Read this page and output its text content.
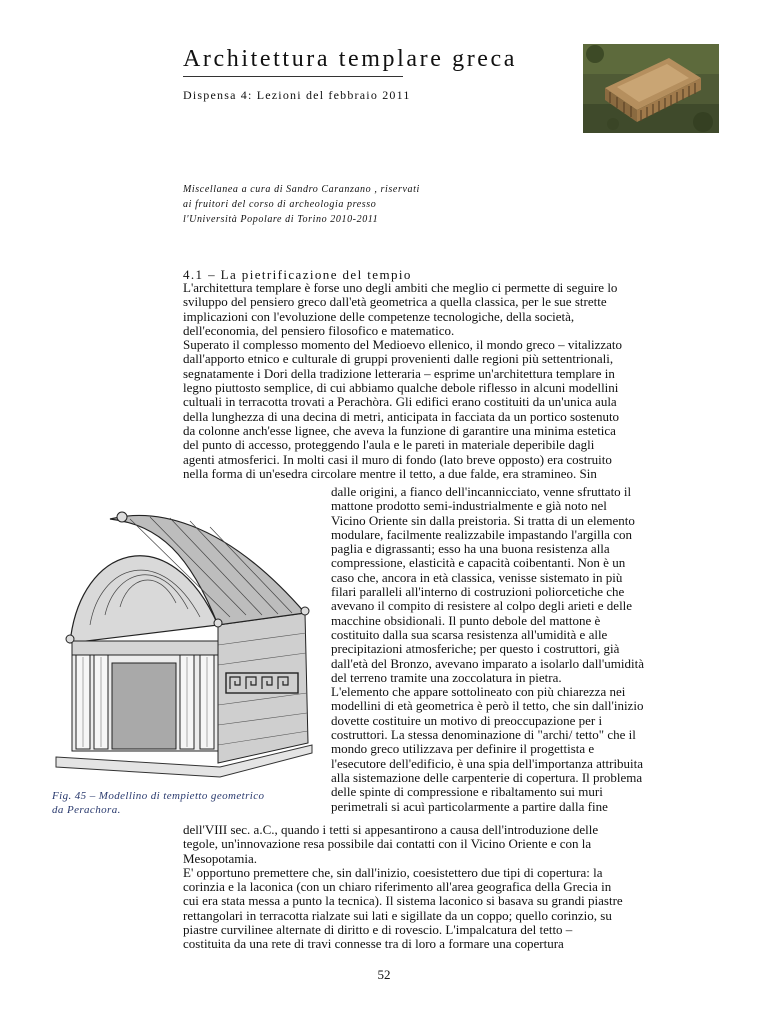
Architettura templare greca
Dispensa 4: Lezioni del febbraio 2011
Miscellanea a cura di Sandro Caranzano , riservati
ai fruitori del corso di archeologia presso
l'Università Popolare di Torino 2010-2011
4.1 – La pietrificazione del tempio
L'architettura templare è forse uno degli ambiti che meglio ci permette di seguire lo
sviluppo del pensiero greco dall'età geometrica a quella classica, per le sue strette
implicazioni con l'evoluzione delle competenze tecnologiche, della società,
dell'economia, del pensiero filosofico e matematico.
Superato il complesso momento del Medioevo ellenico, il mondo greco – vitalizzato
dall'apporto etnico e culturale di gruppi provenienti dalle regioni più settentrionali,
segnatamente i Dori della tradizione letteraria – esprime un'architettura templare in
legno piuttosto semplice, di cui abbiamo qualche debole riflesso in alcuni modellini
cultuali in terracotta trovati a Perachòra. Gli edifici erano costituiti da un'unica aula
della lunghezza di una decina di metri, anticipata in facciata da un portico sostenuto
da colonne anch'esse lignee, che aveva la funzione di garantire una minima estetica
del punto di accesso, proteggendo l'aula e le pareti in materiale deperibile dagli
agenti atmosferici. In molti casi il muro di fondo (lato breve opposto) era costruito
nella forma di un'esedra circolare mentre il tetto, a due falde, era stramineo. Sin
dalle origini, a fianco dell'incannicciato, venne sfruttato il
mattone prodotto semi-industrialmente e già noto nel
Vicino Oriente sin dalla preistoria. Si tratta di un elemento
modulare, facilmente realizzabile impastando l'argilla con
paglia e digrassanti; esso ha una buona resistenza alla
compressione, elasticità e capacità coibentanti. Non è un
caso che, ancora in età classica, venisse sistemato in più
filari paralleli all'interno di costruzioni poliorcetiche che
avevano il compito di resistere al colpo degli arieti e delle
macchine obsidionali. Il punto debole del mattone è
costituito dalla sua scarsa resistenza all'umidità e alle
precipitazioni atmosferiche; per questo i costruttori, già
dall'età del Bronzo, avevano imparato a isolarlo dall'umidità
del terreno tramite una zoccolatura in pietra.
L'elemento che appare sottolineato con più chiarezza nei
modellini di età geometrica è però il tetto, che sin dall'inizio
dovette costituire un motivo di preoccupazione per i
costruttori. La stessa denominazione di "archi/ tetto" che il
mondo greco utilizzava per definire il progettista e
l'esecutore dell'edificio, è una spia dell'importanza attribuita
alla sistemazione delle carpenterie di copertura. Il problema
delle spinte di compressione e ribaltamento sui muri
perimetrali si acuì particolarmente a partire dalla fine
Fig. 45 – Modellino di tempietto geometrico
da Perachora.
dell'VIII sec. a.C., quando i tetti si appesantirono a causa dell'introduzione delle
tegole, un'innovazione resa possibile dai contatti con il Vicino Oriente e con la
Mesopotamia.
E' opportuno premettere che, sin dall'inizio, coesistettero due tipi di copertura: la
corinzia e la laconica (con un chiaro riferimento all'area geografica della Grecia in
cui era stata messa a punto la tecnica). Il sistema laconico si basava su grandi piastre
rettangolari in terracotta rialzate sui lati e sigillate da un coppo; quello corinzio, su
piastre curvilinee alternate di diritto e di rovescio. L'impalcatura del tetto –
costituita da una rete di travi connesse tra di loro a formare una copertura
52
